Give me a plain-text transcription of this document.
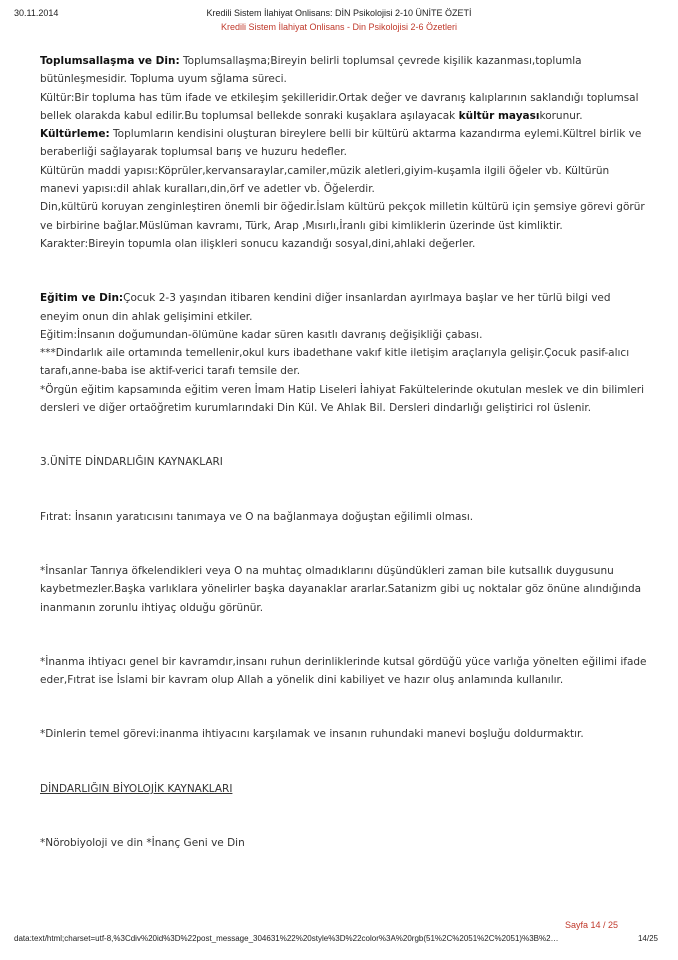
30.11.2014	Kredili Sistem İlahiyat Onlisans: DİN Psikolojisi 2-10 ÜNİTE ÖZETİ
Kredili Sistem İlahiyat Onlisans - Din Psikolojisi 2-6 Özetleri

Toplumsallaşma ve Din: Toplumsallaşma;Bireyin belirli toplumsal çevrede kişilik kazanması,toplumla bütünleşmesidir. Topluma uyum sğlama süreci.

Kültür:Bir topluma has tüm ifade ve etkileşim şekilleridir.Ortak değer ve davranış kalıplarının saklandığı toplumsal bellek olarakda kabul edilir.Bu toplumsal bellekde sonraki kuşaklara aşılayacak kültür mayasıkorunur.

Kültürleme: Toplumların kendisini oluşturan bireylere belli bir kültürü aktarma kazandırma eylemi.Kültrel birlik ve beraberliği sağlayarak toplumsal barış ve huzuru hedefler.

Kültürün maddi yapısı:Köprüler,kervansaraylar,camiler,müzik aletleri,giyim-kuşamla ilgili öğeler vb. Kültürün manevi yapısı:dil ahlak kuralları,din,örf ve adetler vb. Öğelerdir.

Din,kültürü koruyan zenginleştiren önemli bir öğedir.İslam kültürü pekçok milletin kültürü için şemsiye görevi görür ve birbirine bağlar.Müslüman kavramı, Türk, Arap ,Mısırlı,İranlı gibi kimliklerin üzerinde üst kimliktir.

Karakter:Bireyin topumla olan ilişkleri sonucu kazandığı sosyal,dini,ahlaki değerler.

Eğitim ve Din:Çocuk 2-3 yaşından itibaren kendini diğer insanlardan ayırlmaya başlar ve her türlü bilgi ved eneyim onun din ahlak gelişimini etkiler.

Eğitim:İnsanın doğumundan-ölümüne kadar süren kasıtlı davranış değişikliği çabası.

***Dindarlık aile ortamında temellenir,okul kurs ibadethane vakıf kitle iletişim araçlarıyla gelişir.Çocuk pasif-alıcı tarafı,anne-baba ise aktif-verici tarafı temsile der.

*Örgün eğitim kapsamında eğitim veren İmam Hatip Liseleri İahiyat Fakültelerinde okutulan meslek ve din bilimleri dersleri ve diğer ortaöğretim kurumlarındaki Din Kül. Ve Ahlak Bil. Dersleri dindarlığı geliştirici rol üslenir.

3.ÜNİTE DİNDARLIĞIN KAYNAKLARI

Fıtrat: İnsanın yaratıcısını tanımaya ve O na bağlanmaya doğuştan eğilimli olması.

*İnsanlar Tanrıya öfkelendikleri veya O na muhtaç olmadıklarını düşündükleri zaman bile kutsallık duygusunu kaybetmezler.Başka varlıklara yönelirler başka dayanaklar ararlar.Satanizm gibi uç noktalar göz önüne alındığında inanmanın zorunlu ihtiyaç olduğu görünür.

*İnanma ihtiyacı genel bir kavramdır,insanı ruhun derinliklerinde kutsal gördüğü yüce varlığa yönelten eğilimi ifade eder,Fıtrat ise İslami bir kavram olup Allah a yönelik dini kabiliyet ve hazır oluş anlamında kullanılır.

*Dinlerin temel görevi:inanma ihtiyacını karşılamak ve insanın ruhundaki manevi boşluğu doldurmaktır.

DİNDARLIĞIN BİYOLOJİK KAYNAKLARI

*Nörobiyoloji ve din *İnanç Geni ve Din

Sayfa 14 / 25
data:text/html;charset=utf-8,%3Cdiv%20id%3D%22post_message_304631%22%20style%3D%22color%3A%20rgb(51%2C%2051%2C%2051)%3B%2…	14/25
